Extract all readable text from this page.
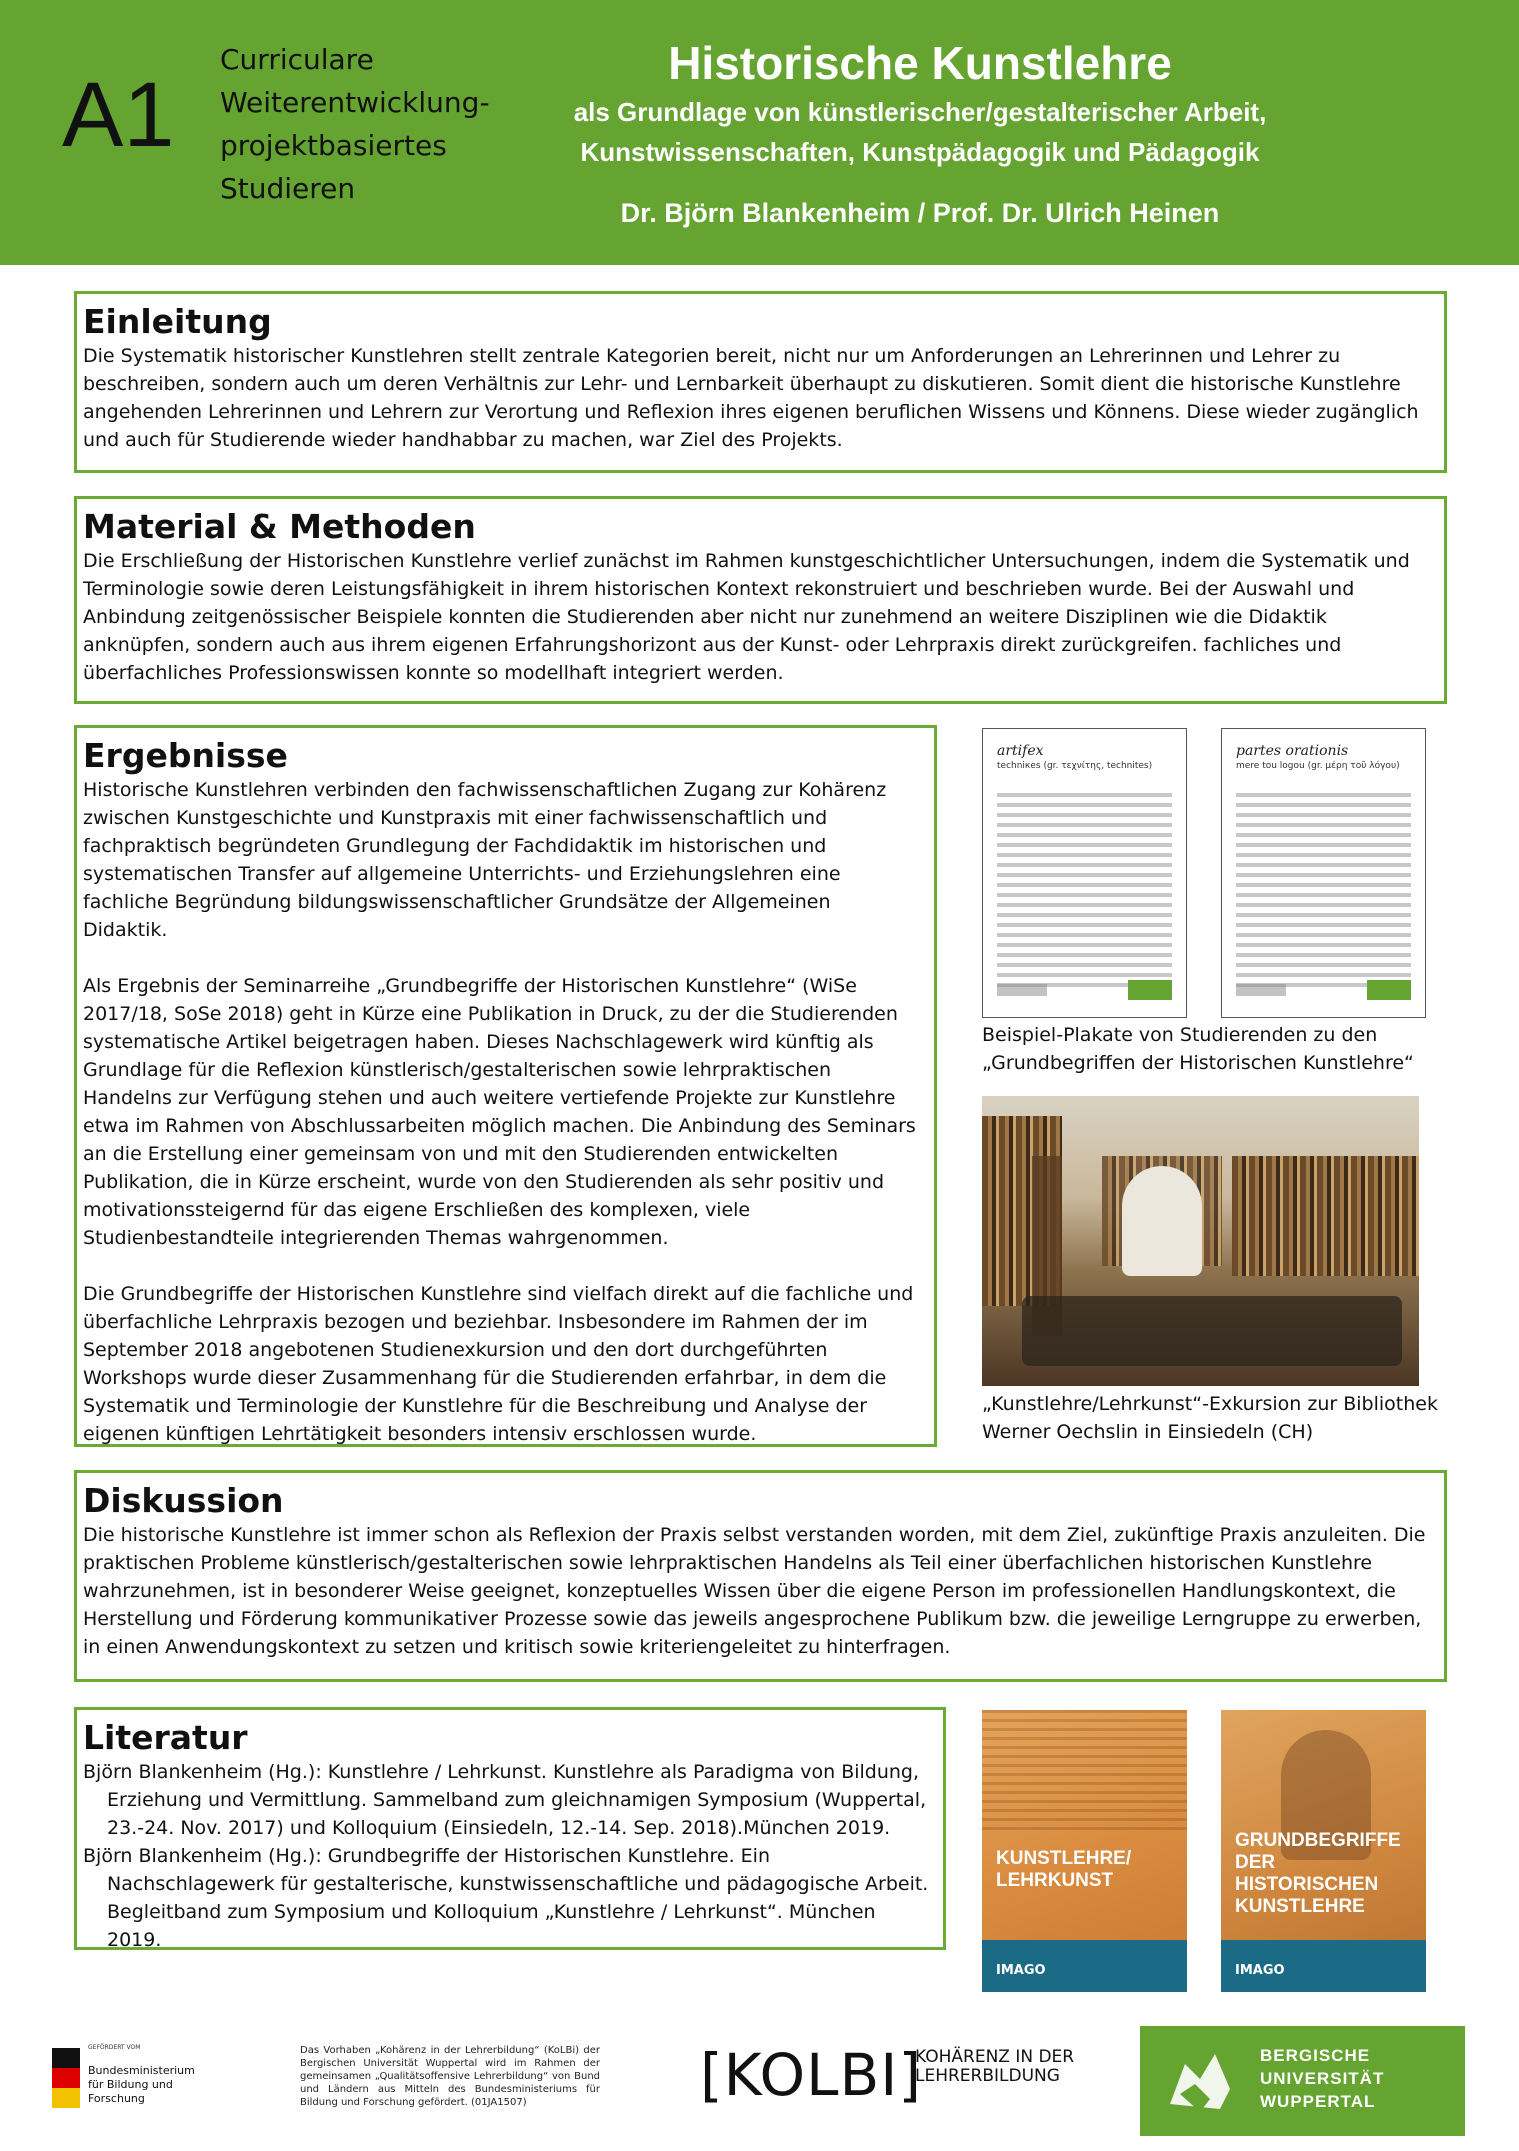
A1
Curriculare
Weiterentwicklung-
projektbasiertes
Studieren
Historische Kunstlehre
als Grundlage von künstlerischer/gestalterischer Arbeit,
Kunstwissenschaften, Kunstpädagogik und Pädagogik
Dr. Björn Blankenheim / Prof. Dr. Ulrich Heinen
Einleitung

Die Systematik historischer Kunstlehren stellt zentrale Kategorien bereit, nicht nur um Anforderungen an Lehrerinnen und Lehrer zu beschreiben, sondern auch um deren Verhältnis zur Lehr- und Lernbarkeit überhaupt zu diskutieren. Somit dient die historische Kunstlehre angehenden Lehrerinnen und Lehrern zur Verortung und Reflexion ihres eigenen beruflichen Wissens und Könnens. Diese wieder zugänglich und auch für Studierende wieder handhabbar zu machen, war Ziel des Projekts.

Material & Methoden

Die Erschließung der Historischen Kunstlehre verlief zunächst im Rahmen kunstgeschichtlicher Untersuchungen, indem die Systematik und Terminologie sowie deren Leistungsfähigkeit in ihrem historischen Kontext rekonstruiert und beschrieben wurde. Bei der Auswahl und Anbindung zeitgenössischer Beispiele konnten die Studierenden aber nicht nur zunehmend an weitere Disziplinen wie die Didaktik anknüpfen, sondern auch aus ihrem eigenen Erfahrungshorizont aus der Kunst- oder Lehrpraxis direkt zurückgreifen. fachliches und überfachliches Professionswissen konnte so modellhaft integriert werden.

Ergebnisse

Historische Kunstlehren verbinden den fachwissenschaftlichen Zugang zur Kohärenz zwischen Kunstgeschichte und Kunstpraxis mit einer fachwissenschaftlich und fachpraktisch begründeten Grundlegung der Fachdidaktik im historischen und systematischen Transfer auf allgemeine Unterrichts- und Erziehungslehren eine fachliche Begründung bildungswissenschaftlicher Grundsätze der Allgemeinen Didaktik.

Als Ergebnis der Seminarreihe „Grundbegriffe der Historischen Kunstlehre“ (WiSe 2017/18, SoSe 2018) geht in Kürze eine Publikation in Druck, zu der die Studierenden systematische Artikel beigetragen haben. Dieses Nachschlagewerk wird künftig als Grundlage für die Reflexion künstlerisch/gestalterischen sowie lehrpraktischen Handelns zur Verfügung stehen und auch weitere vertiefende Projekte zur Kunstlehre etwa im Rahmen von Abschlussarbeiten möglich machen. Die Anbindung des Seminars an die Erstellung einer gemeinsam von und mit den Studierenden entwickelten Publikation, die in Kürze erscheint, wurde von den Studierenden als sehr positiv und motivationssteigernd für das eigene Erschließen des komplexen, viele Studienbestandteile integrierenden Themas wahrgenommen.

Die Grundbegriffe der Historischen Kunstlehre sind vielfach direkt auf die fachliche und überfachliche Lehrpraxis bezogen und beziehbar. Insbesondere im Rahmen der im September 2018 angebotenen Studienexkursion und den dort durchgeführten Workshops wurde dieser Zusammenhang für die Studierenden erfahrbar, in dem die Systematik und Terminologie der Kunstlehre für die Beschreibung und Analyse der eigenen künftigen Lehrtätigkeit besonders intensiv erschlossen wurde.

artifex
techniкes (gr. τεχνίτης, technites)
partes orationis
mere tou logou (gr. μέρη τοῦ λόγου)
Beispiel-Plakate von Studierenden zu den „Grundbegriffen der Historischen Kunstlehre“
„Kunstlehre/Lehrkunst“-Exkursion zur Bibliothek Werner Oechslin in Einsiedeln (CH)
Diskussion

Die historische Kunstlehre ist immer schon als Reflexion der Praxis selbst verstanden worden, mit dem Ziel, zukünftige Praxis anzuleiten. Die praktischen Probleme künstlerisch/gestalterischen sowie lehrpraktischen Handelns als Teil einer überfachlichen historischen Kunstlehre wahrzunehmen, ist in besonderer Weise geeignet, konzeptuelles Wissen über die eigene Person im professionellen Handlungskontext, die Herstellung und Förderung kommunikativer Prozesse sowie das jeweils angesprochene Publikum bzw. die jeweilige Lerngruppe zu erwerben, in einen Anwendungskontext zu setzen und kritisch sowie kriteriengeleitet zu hinterfragen.

Literatur

Björn Blankenheim (Hg.): Kunstlehre / Lehrkunst. Kunstlehre als Paradigma von Bildung, Erziehung und Vermittlung. Sammelband zum gleichnamigen Symposium (Wuppertal, 23.-24. Nov. 2017) und Kolloquium (Einsiedeln, 12.-14. Sep. 2018).München 2019.

Björn Blankenheim (Hg.): Grundbegriffe der Historischen Kunstlehre. Ein Nachschlagewerk für gestalterische, kunstwissenschaftliche und pädagogische Arbeit. Begleitband zum Symposium und Kolloquium „Kunstlehre / Lehrkunst“. München 2019.

KUNSTLEHRE/ LEHRKUNST
IMAGO
GRUNDBEGRIFFE DER HISTORISCHEN KUNSTLEHRE
IMAGO
GEFÖRDERT VOM
Bundesministerium für Bildung und Forschung
Das Vorhaben „Kohärenz in der Lehrerbildung“ (KoLBi) der Bergischen Universität Wuppertal wird im Rahmen der gemeinsamen „Qualitätsoffensive Lehrerbildung“ von Bund und Ländern aus Mitteln des Bundesministeriums für Bildung und Forschung gefördert. (01JA1507)	[KOLBI]
KOHÄRENZ IN DER LEHRERBILDUNG
BERGISCHE UNIVERSITÄT WUPPERTAL
